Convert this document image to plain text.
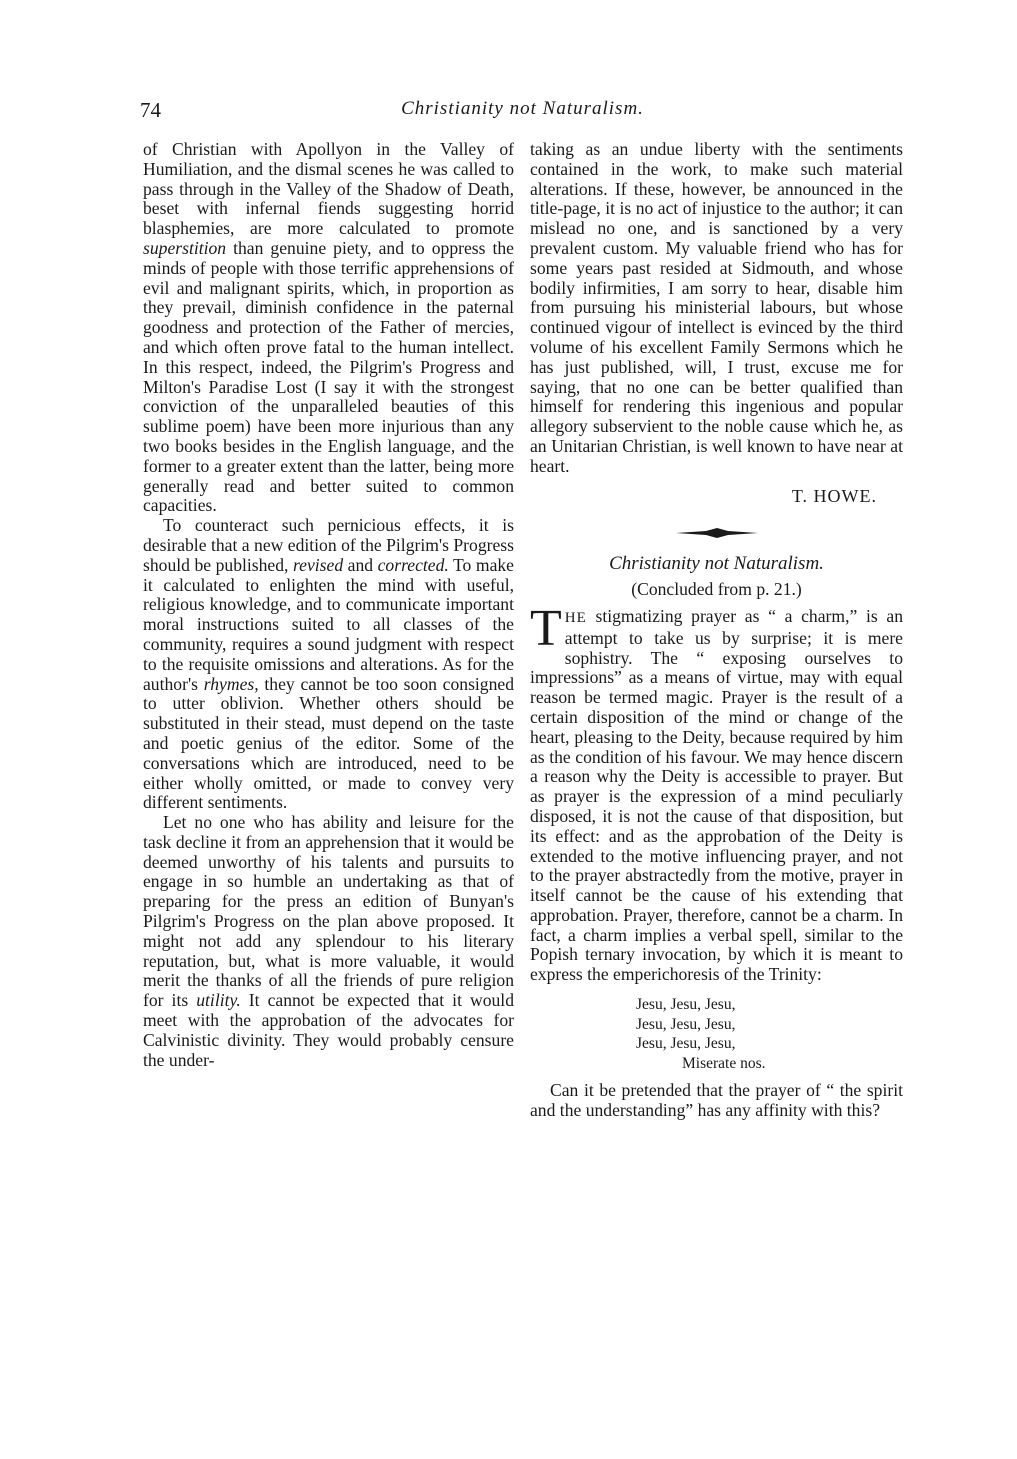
74	Christianity not Naturalism.

of Christian with Apollyon in the Valley of Humiliation, and the dismal scenes he was called to pass through in the Valley of the Shadow of Death, beset with infernal fiends suggesting horrid blasphemies, are more calculated to promote superstition than genuine piety, and to oppress the minds of people with those terrific apprehensions of evil and malignant spirits, which, in proportion as they prevail, diminish confidence in the paternal goodness and protection of the Father of mercies, and which often prove fatal to the human intellect. In this respect, indeed, the Pilgrim's Progress and Milton's Paradise Lost (I say it with the strongest conviction of the unparalleled beauties of this sublime poem) have been more injurious than any two books besides in the English language, and the former to a greater extent than the latter, being more generally read and better suited to common capacities.

To counteract such pernicious effects, it is desirable that a new edition of the Pilgrim's Progress should be published, revised and corrected. To make it calculated to enlighten the mind with useful, religious knowledge, and to communicate important moral instructions suited to all classes of the community, requires a sound judgment with respect to the requisite omissions and alterations. As for the author's rhymes, they cannot be too soon consigned to utter oblivion. Whether others should be substituted in their stead, must depend on the taste and poetic genius of the editor. Some of the conversations which are introduced, need to be either wholly omitted, or made to convey very different sentiments.

Let no one who has ability and leisure for the task decline it from an apprehension that it would be deemed unworthy of his talents and pursuits to engage in so humble an undertaking as that of preparing for the press an edition of Bunyan's Pilgrim's Progress on the plan above proposed. It might not add any splendour to his literary reputation, but, what is more valuable, it would merit the thanks of all the friends of pure religion for its utility. It cannot be expected that it would meet with the approbation of the advocates for Calvinistic divinity. They would probably censure the under-

taking as an undue liberty with the sentiments contained in the work, to make such material alterations. If these, however, be announced in the title-page, it is no act of injustice to the author; it can mislead no one, and is sanctioned by a very prevalent custom. My valuable friend who has for some years past resided at Sidmouth, and whose bodily infirmities, I am sorry to hear, disable him from pursuing his ministerial labours, but whose continued vigour of intellect is evinced by the third volume of his excellent Family Sermons which he has just published, will, I trust, excuse me for saying, that no one can be better qualified than himself for rendering this ingenious and popular allegory subservient to the noble cause which he, as an Unitarian Christian, is well known to have near at heart.

T. HOWE.
Christianity not Naturalism.
(Concluded from p. 21.)

THE stigmatizing prayer as “ a charm,” is an attempt to take us by surprise; it is mere sophistry. The “ exposing ourselves to impressions” as a means of virtue, may with equal reason be termed magic. Prayer is the result of a certain disposition of the mind or change of the heart, pleasing to the Deity, because required by him as the condition of his favour. We may hence discern a reason why the Deity is accessible to prayer. But as prayer is the expression of a mind peculiarly disposed, it is not the cause of that disposition, but its effect: and as the approbation of the Deity is extended to the motive influencing prayer, and not to the prayer abstractedly from the motive, prayer in itself cannot be the cause of his extending that approbation. Prayer, therefore, cannot be a charm. In fact, a charm implies a verbal spell, similar to the Popish ternary invocation, by which it is meant to express the emperichoresis of the Trinity:

Jesu, Jesu, Jesu,
Jesu, Jesu, Jesu,
Jesu, Jesu, Jesu,
Miserate nos.

Can it be pretended that the prayer of “ the spirit and the understanding” has any affinity with this?
